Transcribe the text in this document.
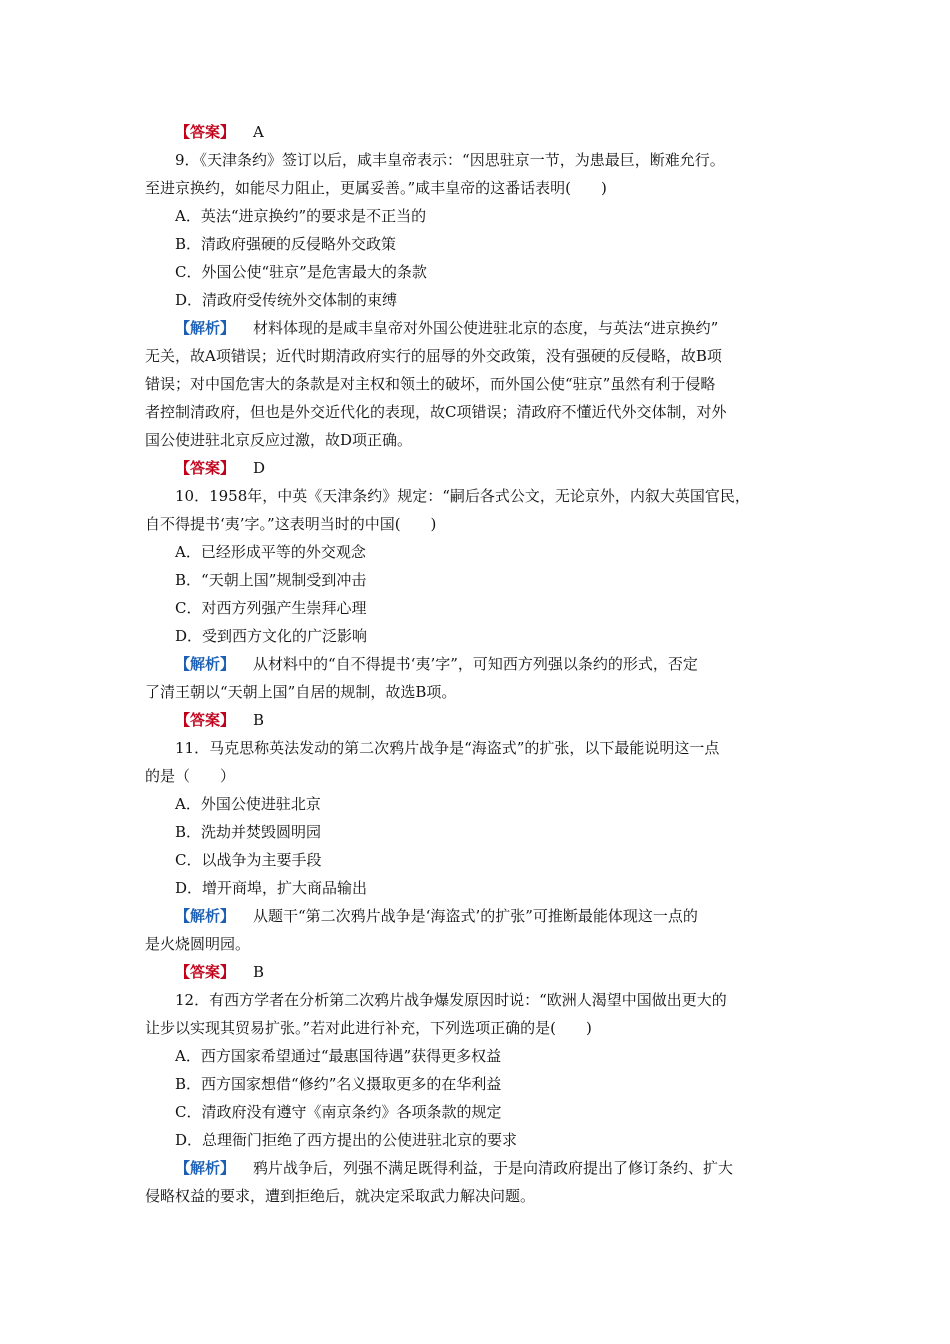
【答案】 A
9．《天津条约》签订以后，咸丰皇帝表示：“因思驻京一节，为患最巨，断难允行。
至进京换约，如能尽力阻止，更属妥善。”咸丰皇帝的这番话表明(　　)
A．英法“进京换约”的要求是不正当的
B．清政府强硬的反侵略外交政策
C．外国公使“驻京”是危害最大的条款
D．清政府受传统外交体制的束缚
【解析】 材料体现的是咸丰皇帝对外国公使进驻北京的态度，与英法“进京换约”
无关，故A项错误；近代时期清政府实行的屈辱的外交政策，没有强硬的反侵略，故B项
错误；对中国危害大的条款是对主权和领土的破坏，而外国公使“驻京”虽然有利于侵略
者控制清政府，但也是外交近代化的表现，故C项错误；清政府不懂近代外交体制，对外
国公使进驻北京反应过激，故D项正确。
【答案】 D
10．1958年，中英《天津条约》规定：“嗣后各式公文，无论京外，内叙大英国官民，
自不得提书‘夷’字。”这表明当时的中国(　　)
A．已经形成平等的外交观念
B．“天朝上国”规制受到冲击
C．对西方列强产生崇拜心理
D．受到西方文化的广泛影响
【解析】 从材料中的“自不得提书‘夷’字”，可知西方列强以条约的形式，否定
了清王朝以“天朝上国”自居的规制，故选B项。
【答案】 B
11．马克思称英法发动的第二次鸦片战争是“海盗式”的扩张，以下最能说明这一点
的是（　　）
A．外国公使进驻北京
B．洗劫并焚毁圆明园
C．以战争为主要手段
D．增开商埠，扩大商品输出
【解析】 从题干“第二次鸦片战争是‘海盗式’的扩张”可推断最能体现这一点的
是火烧圆明园。
【答案】 B
12．有西方学者在分析第二次鸦片战争爆发原因时说：“欧洲人渴望中国做出更大的
让步以实现其贸易扩张。”若对此进行补充，下列选项正确的是(　　)
A．西方国家希望通过“最惠国待遇”获得更多权益
B．西方国家想借“修约”名义摄取更多的在华利益
C．清政府没有遵守《南京条约》各项条款的规定
D．总理衙门拒绝了西方提出的公使进驻北京的要求
【解析】 鸦片战争后，列强不满足既得利益，于是向清政府提出了修订条约、扩大
侵略权益的要求，遭到拒绝后，就决定采取武力解决问题。
